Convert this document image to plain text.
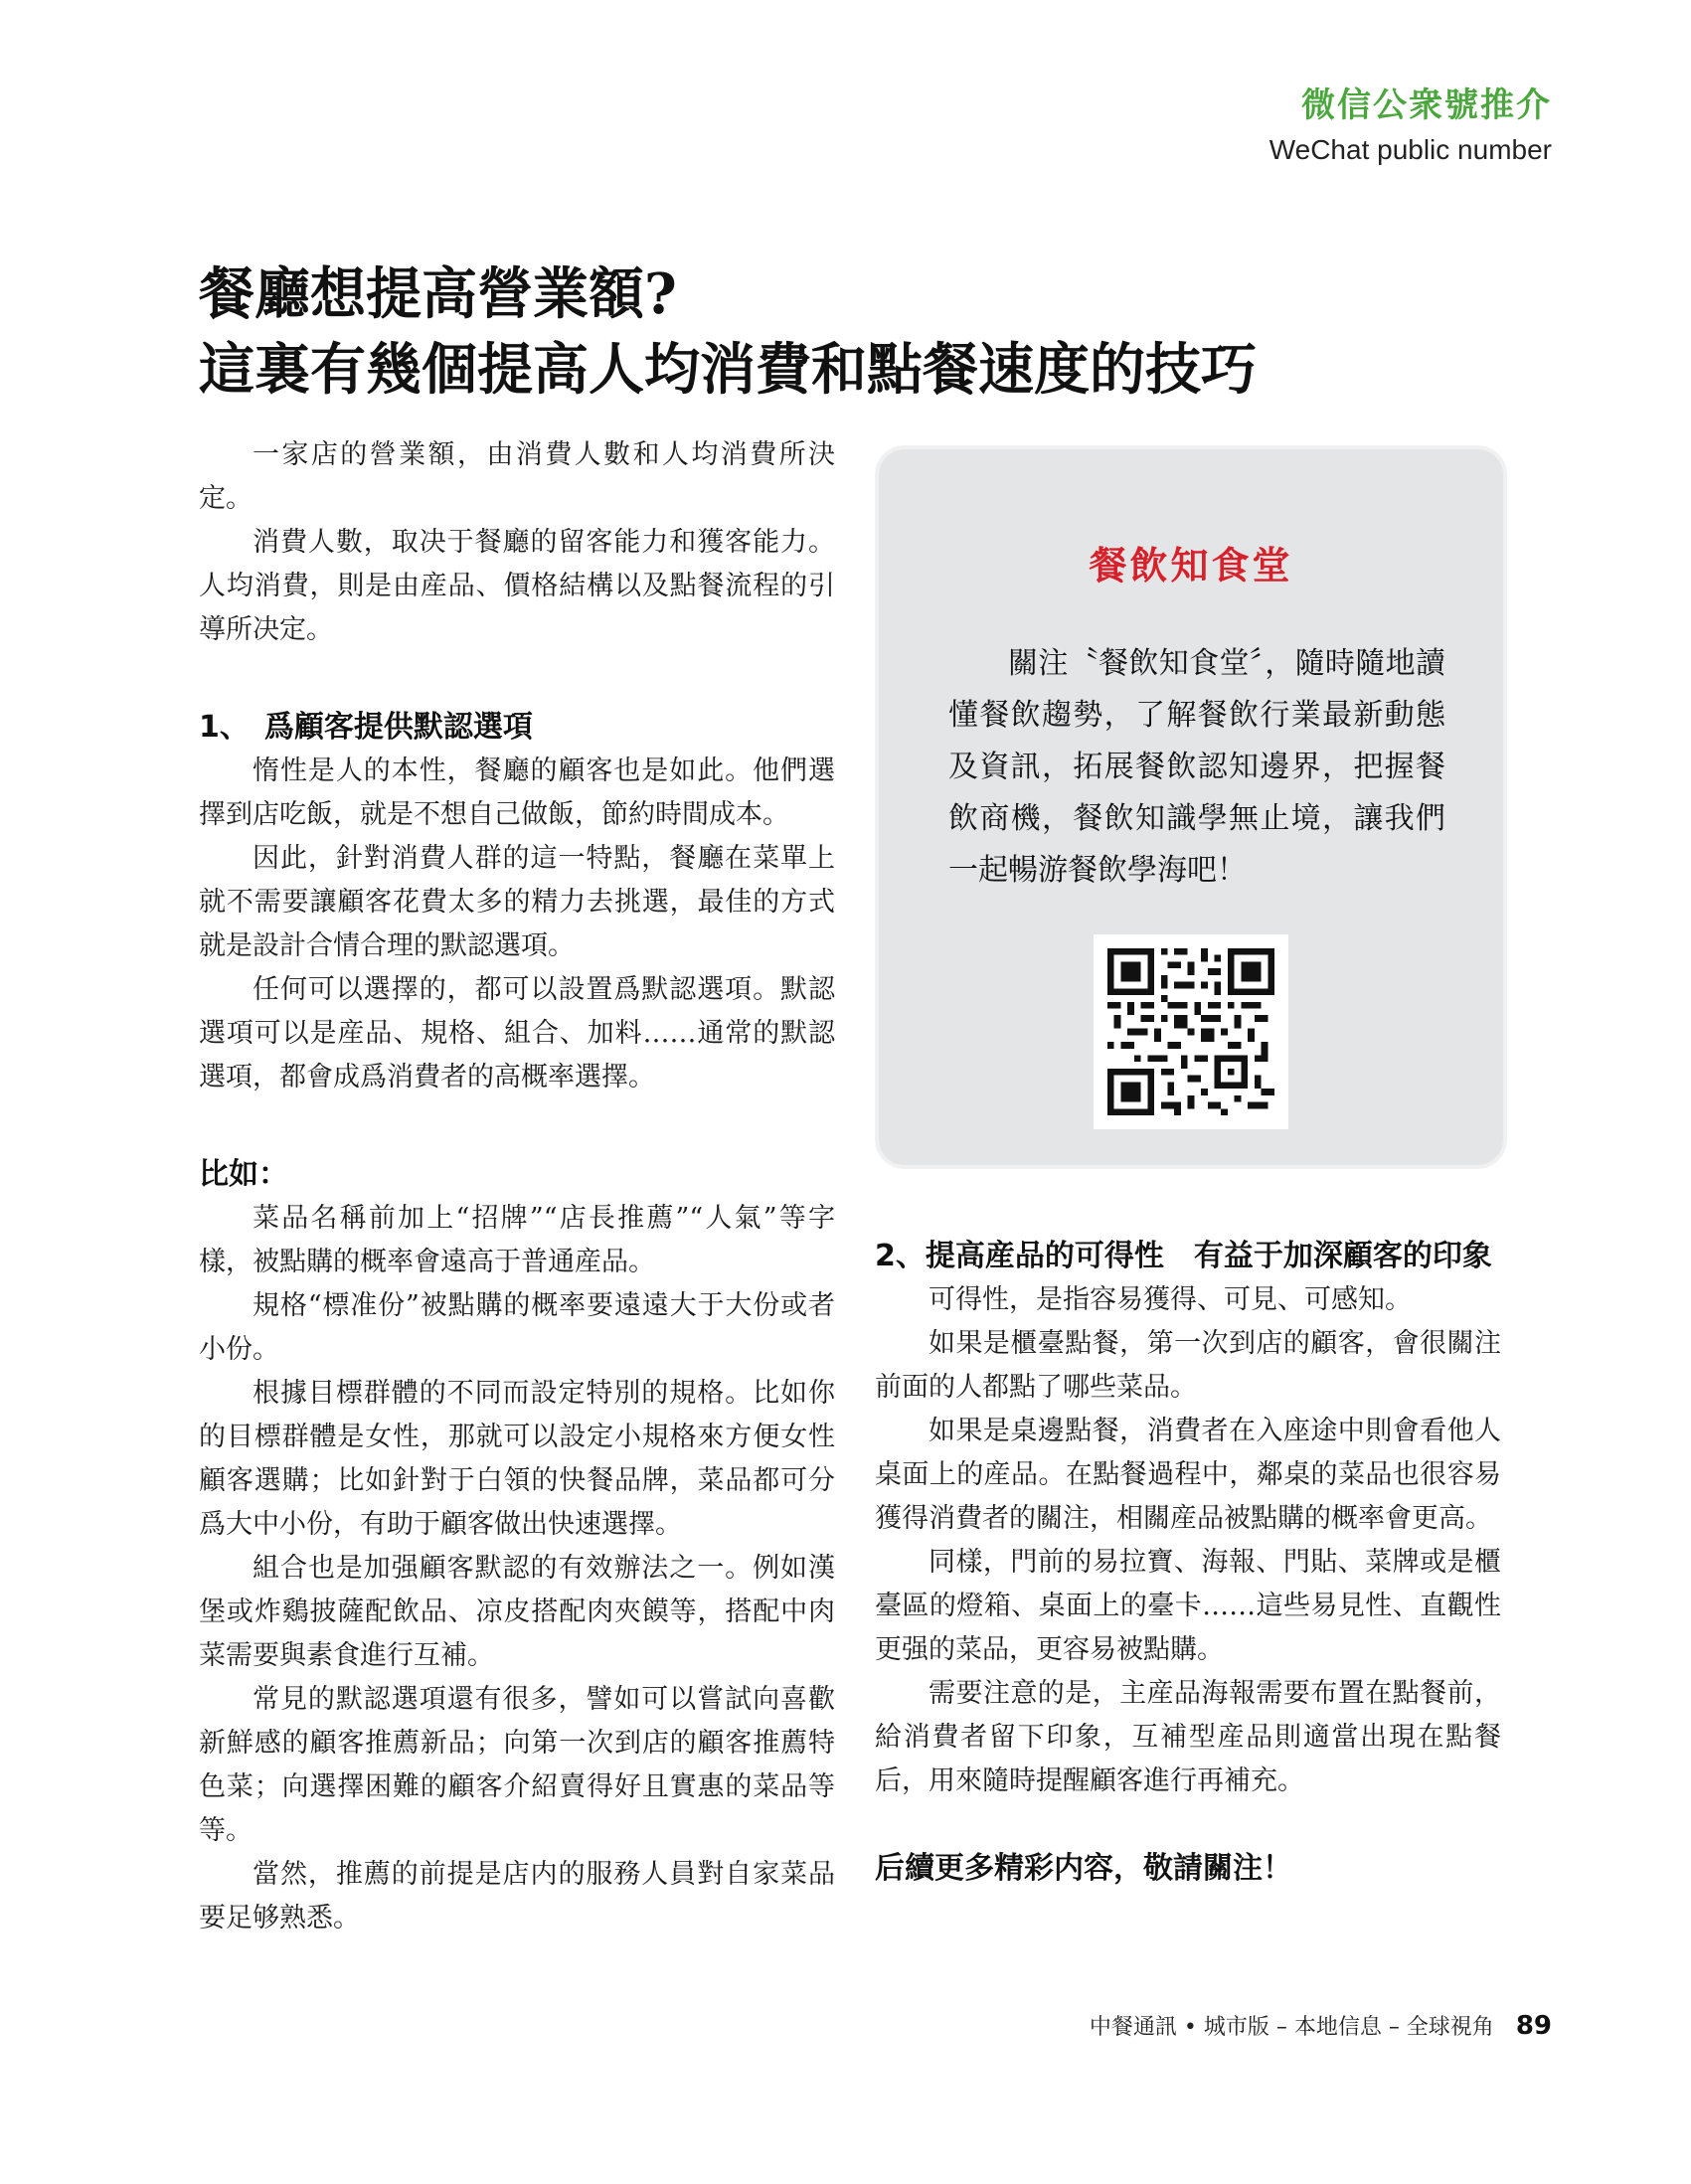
微信公衆號推介
WeChat public number
餐廳想提高營業額?
這裏有幾個提高人均消費和點餐速度的技巧

一家店的營業額，由消費人數和人均消費所決定。

消費人數，取决于餐廳的留客能力和獲客能力。人均消費，則是由産品、價格結構以及點餐流程的引導所决定。

1、　爲顧客提供默認選項

惰性是人的本性，餐廳的顧客也是如此。他們選擇到店吃飯，就是不想自己做飯，節約時間成本。

因此，針對消費人群的這一特點，餐廳在菜單上就不需要讓顧客花費太多的精力去挑選，最佳的方式就是設計合情合理的默認選項。

任何可以選擇的，都可以設置爲默認選項。默認選項可以是産品、規格、組合、加料……通常的默認選項，都會成爲消費者的高概率選擇。

比如：

菜品名稱前加上“招牌”“店長推薦”“人氣”等字樣，被點購的概率會遠高于普通産品。

規格“標准份”被點購的概率要遠遠大于大份或者小份。

根據目標群體的不同而設定特別的規格。比如你的目標群體是女性，那就可以設定小規格來方便女性顧客選購；比如針對于白領的快餐品牌，菜品都可分爲大中小份，有助于顧客做出快速選擇。

組合也是加强顧客默認的有效辦法之一。例如漢堡或炸鷄披薩配飲品、凉皮搭配肉夾饃等，搭配中肉菜需要與素食進行互補。

常見的默認選項還有很多，譬如可以嘗試向喜歡新鮮感的顧客推薦新品；向第一次到店的顧客推薦特色菜；向選擇困難的顧客介紹賣得好且實惠的菜品等等。

當然，推薦的前提是店内的服務人員對自家菜品要足够熟悉。

餐飲知食堂
關注〝餐飲知食堂〞，隨時隨地讀懂餐飲趨勢，了解餐飲行業最新動態及資訊，拓展餐飲認知邊界，把握餐飲商機，餐飲知識學無止境，讓我們一起暢游餐飲學海吧！
2、提高産品的可得性　有益于加深顧客的印象

可得性，是指容易獲得、可見、可感知。

如果是櫃臺點餐，第一次到店的顧客，會很關注前面的人都點了哪些菜品。

如果是桌邊點餐，消費者在入座途中則會看他人桌面上的産品。在點餐過程中，鄰桌的菜品也很容易獲得消費者的關注，相關産品被點購的概率會更高。

同樣，門前的易拉寶、海報、門貼、菜牌或是櫃臺區的燈箱、桌面上的臺卡……這些易見性、直觀性更强的菜品，更容易被點購。

需要注意的是，主産品海報需要布置在點餐前，給消費者留下印象，互補型産品則適當出現在點餐后，用來隨時提醒顧客進行再補充。

后續更多精彩内容，敬請關注！
中餐通訊 • 城市版 – 本地信息 – 全球視角 89
